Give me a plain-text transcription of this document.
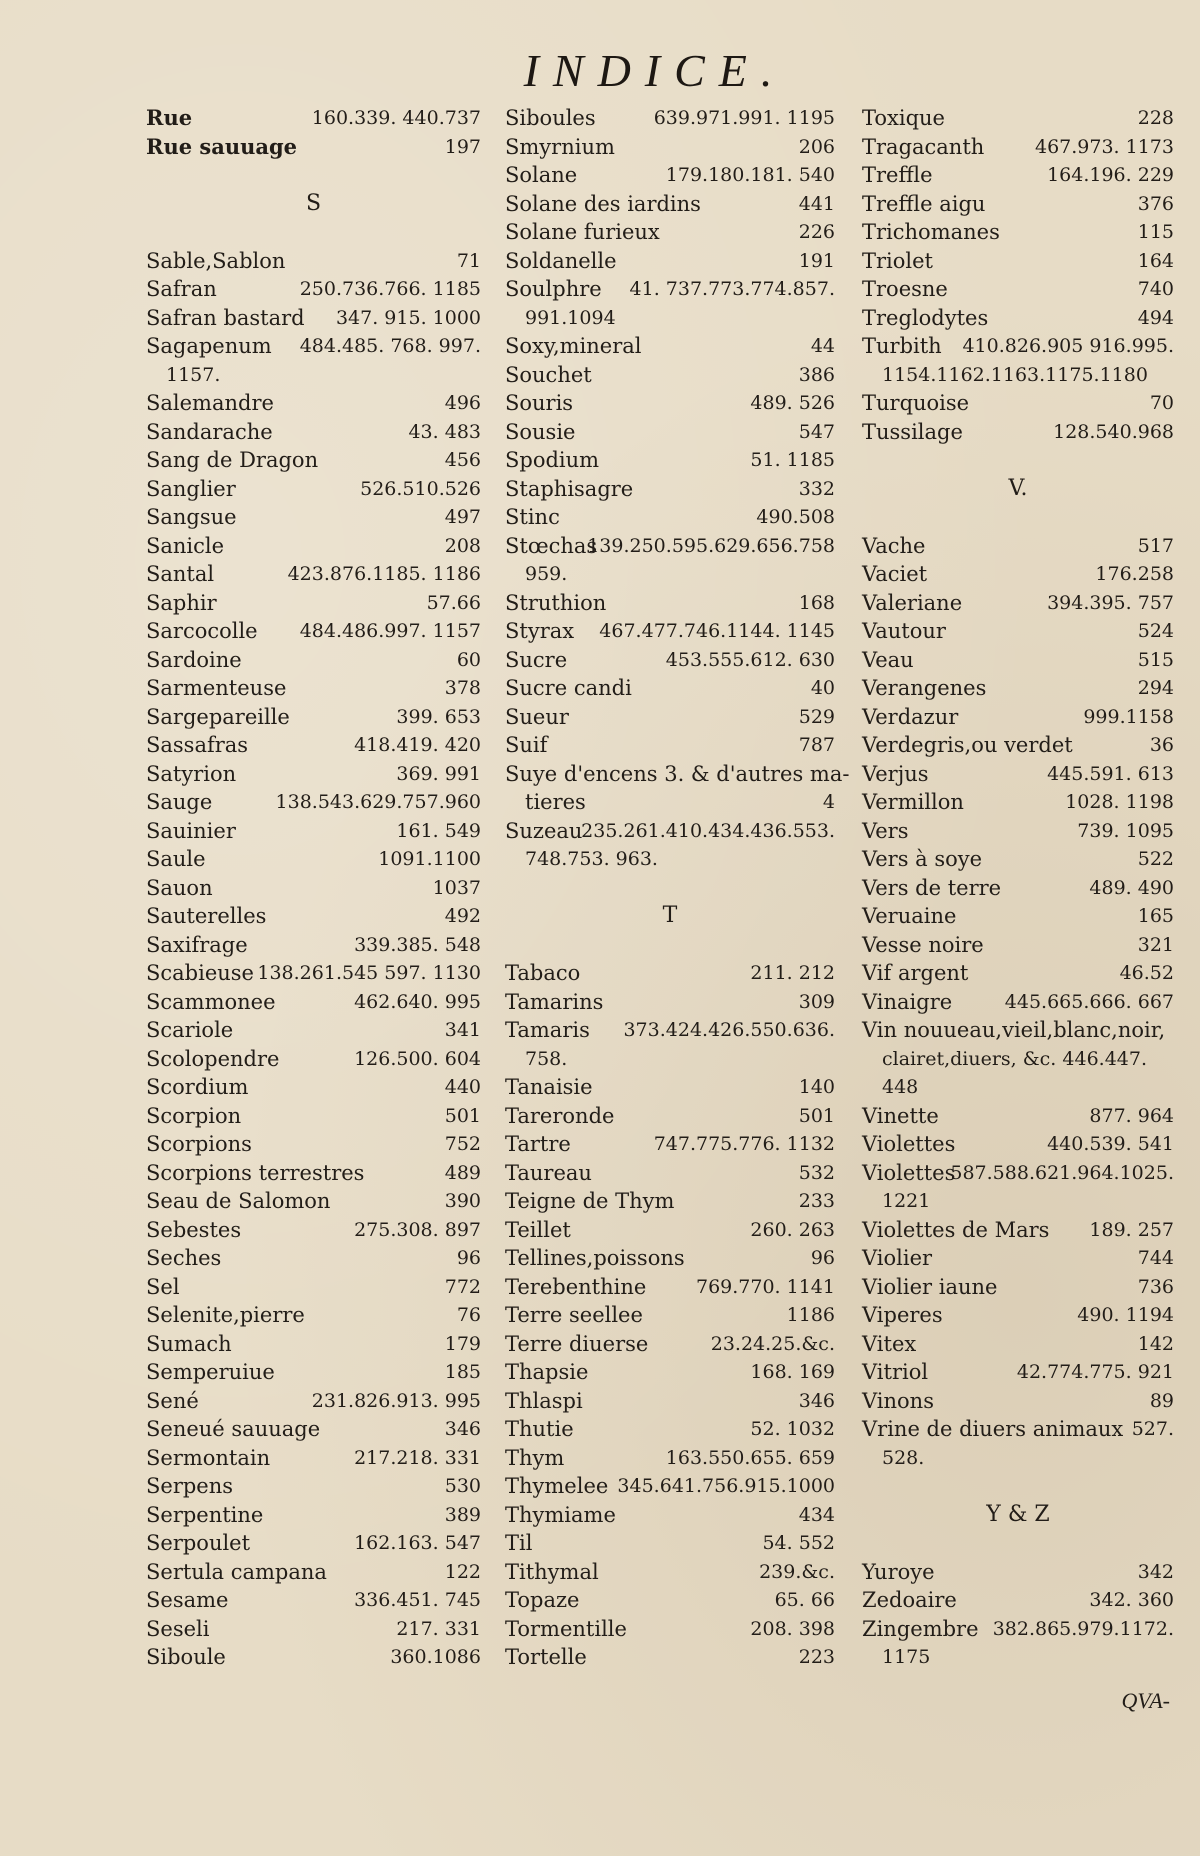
INDICE.
Rue	160.339. 440.737
Rue sauuage	197
S
Sable,Sablon	71
Safran	250.736.766. 1185
Safran bastard 347. 915. 1000
Sagapenum 484.485. 768. 997.
1157.
Salemandre	496
Sandarache	43. 483
Sang de Dragon	456
Sanglier	526.510.526
Sangsue	497
Sanicle	208
Santal	423.876.1185. 1186
Saphir	57.66
Sarcocolle 484.486.997. 1157
Sardoine	60
Sarmenteuse	378
Sargepareille	399. 653
Sassafras	418.419. 420
Satyrion	369. 991
Sauge	138.543.629.757.960
Sauinier	161. 549
Saule	1091.1100
Sauon	1037
Sauterelles	492
Saxifrage	339.385. 548
Scabieuse 138.261.545 597. 1130
Scammonee	462.640. 995
Scariole	341
Scolopendre	126.500. 604
Scordium	440
Scorpion	501
Scorpions	752
Scorpions terrestres	489
Seau de Salomon	390
Sebestes	275.308. 897
Seches	96
Sel	772
Selenite,pierre	76
Sumach	179
Semperuiue	185
Sené	231.826.913. 995
Seneué sauuage	346
Sermontain	217.218. 331
Serpens	530
Serpentine	389
Serpoulet	162.163. 547
Sertula campana	122
Sesame	336.451. 745
Seseli	217. 331
Siboule	360.1086
Siboules	639.971.991. 1195
Smyrnium	206
Solane	179.180.181. 540
Solane des iardins	441
Solane furieux	226
Soldanelle	191
Soulphre 41. 737.773.774.857.
991.1094
Soxy,mineral	44
Souchet	386
Souris	489. 526
Sousie	547
Spodium	51. 1185
Staphisagre	332
Stinc	490.508
Stœchas
139.250.595.629.656.758
959.
Struthion	168
Styrax 467.477.746.1144. 1145
Sucre	453.555.612. 630
Sucre candi	40
Sueur	529
Suif	787
Suye d'encens 3. & d'autres ma-
tieres	4
Suzeau
235.261.410.434.436.553.
748.753. 963.
T
Tabaco	211. 212
Tamarins	309
Tamaris 373.424.426.550.636.
758.
Tanaisie	140
Tareronde	501
Tartre	747.775.776. 1132
Taureau	532
Teigne de Thym	233
Teillet	260. 263
Tellines,poissons	96
Terebenthine	769.770. 1141
Terre seellee	1186
Terre diuerse	23.24.25.&c.
Thapsie	168. 169
Thlaspi	346
Thutie	52. 1032
Thym	163.550.655. 659
Thymelee 345.641.756.915.1000
Thymiame	434
Til	54. 552
Tithymal	239.&c.
Topaze	65. 66
Tormentille	208. 398
Tortelle	223
Toxique	228
Tragacanth	467.973. 1173
Treffle	164.196. 229
Treffle aigu	376
Trichomanes	115
Triolet	164
Troesne	740
Treglodytes	494
Turbith 410.826.905 916.995.
1154.1162.1163.1175.1180
Turquoise	70
Tussilage	128.540.968
V.
Vache	517
Vaciet	176.258
Valeriane	394.395. 757
Vautour	524
Veau	515
Verangenes	294
Verdazur	999.1158
Verdegris,ou verdet	36
Verjus	445.591. 613
Vermillon	1028. 1198
Vers	739. 1095
Vers à soye	522
Vers de terre	489. 490
Veruaine	165
Vesse noire	321
Vif argent	46.52
Vinaigre	445.665.666. 667
Vin nouueau,vieil,blanc,noir,
clairet,diuers, &c. 446.447.
448
Vinette	877. 964
Violettes	440.539. 541
Violettes
587.588.621.964.1025.
1221
Violettes de Mars 189. 257
Violier	744
Violier iaune	736
Viperes	490. 1194
Vitex	142
Vitriol	42.774.775. 921
Vinons	89
Vrine de diuers animaux 527.
528.
Y & Z
Yuroye	342
Zedoaire	342. 360
Zingembre 382.865.979.1172.
1175
QVA-
